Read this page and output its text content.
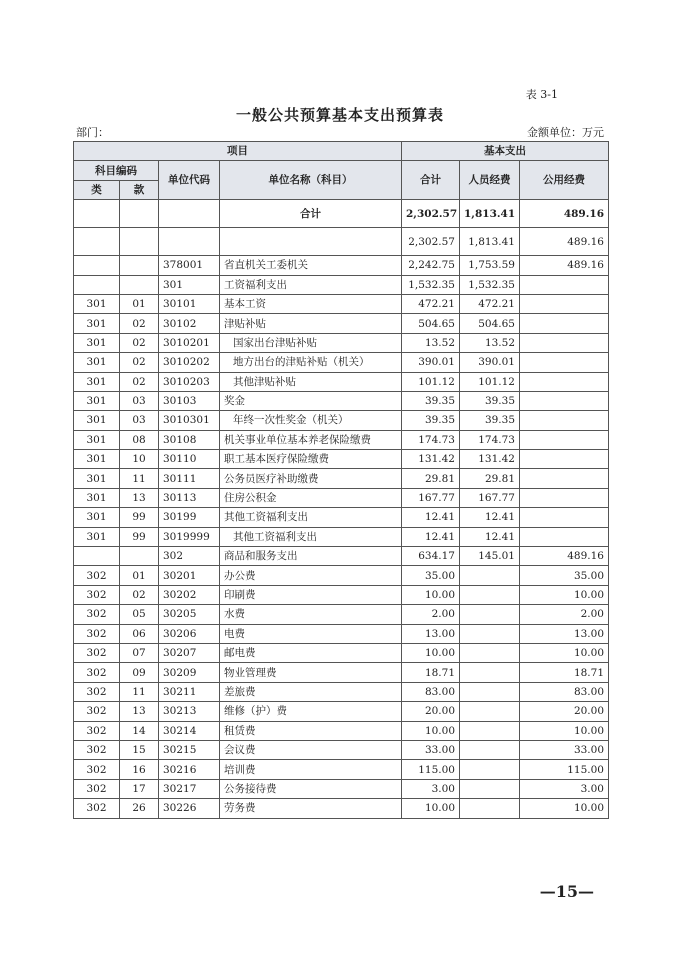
表 3-1
一般公共预算基本支出预算表
部门：	金额单位：万元
项目				基本支出		
科目编码		单位代码	单位名称（科目）	合计	人员经费	公用经费
类	款					
			合计	2,302.57	1,813.41	489.16
				2,302.57	1,813.41	489.16
		378001	省直机关工委机关	2,242.75	1,753.59	489.16
		301	工资福利支出	1,532.35	1,532.35	
301	01	30101	基本工资	472.21	472.21	
301	02	30102	津贴补贴	504.65	504.65	
301	02	3010201	国家出台津贴补贴	13.52	13.52	
301	02	3010202	地方出台的津贴补贴（机关）	390.01	390.01	
301	02	3010203	其他津贴补贴	101.12	101.12	
301	03	30103	奖金	39.35	39.35	
301	03	3010301	年终一次性奖金（机关）	39.35	39.35	
301	08	30108	机关事业单位基本养老保险缴费	174.73	174.73	
301	10	30110	职工基本医疗保险缴费	131.42	131.42	
301	11	30111	公务员医疗补助缴费	29.81	29.81	
301	13	30113	住房公积金	167.77	167.77	
301	99	30199	其他工资福利支出	12.41	12.41	
301	99	3019999	其他工资福利支出	12.41	12.41	
		302	商品和服务支出	634.17	145.01	489.16
302	01	30201	办公费	35.00		35.00
302	02	30202	印刷费	10.00		10.00
302	05	30205	水费	2.00		2.00
302	06	30206	电费	13.00		13.00
302	07	30207	邮电费	10.00		10.00
302	09	30209	物业管理费	18.71		18.71
302	11	30211	差旅费	83.00		83.00
302	13	30213	维修（护）费	20.00		20.00
302	14	30214	租赁费	10.00		10.00
302	15	30215	会议费	33.00		33.00
302	16	30216	培训费	115.00		115.00
302	17	30217	公务接待费	3.00		3.00
302	26	30226	劳务费	10.00		10.00
—15—
